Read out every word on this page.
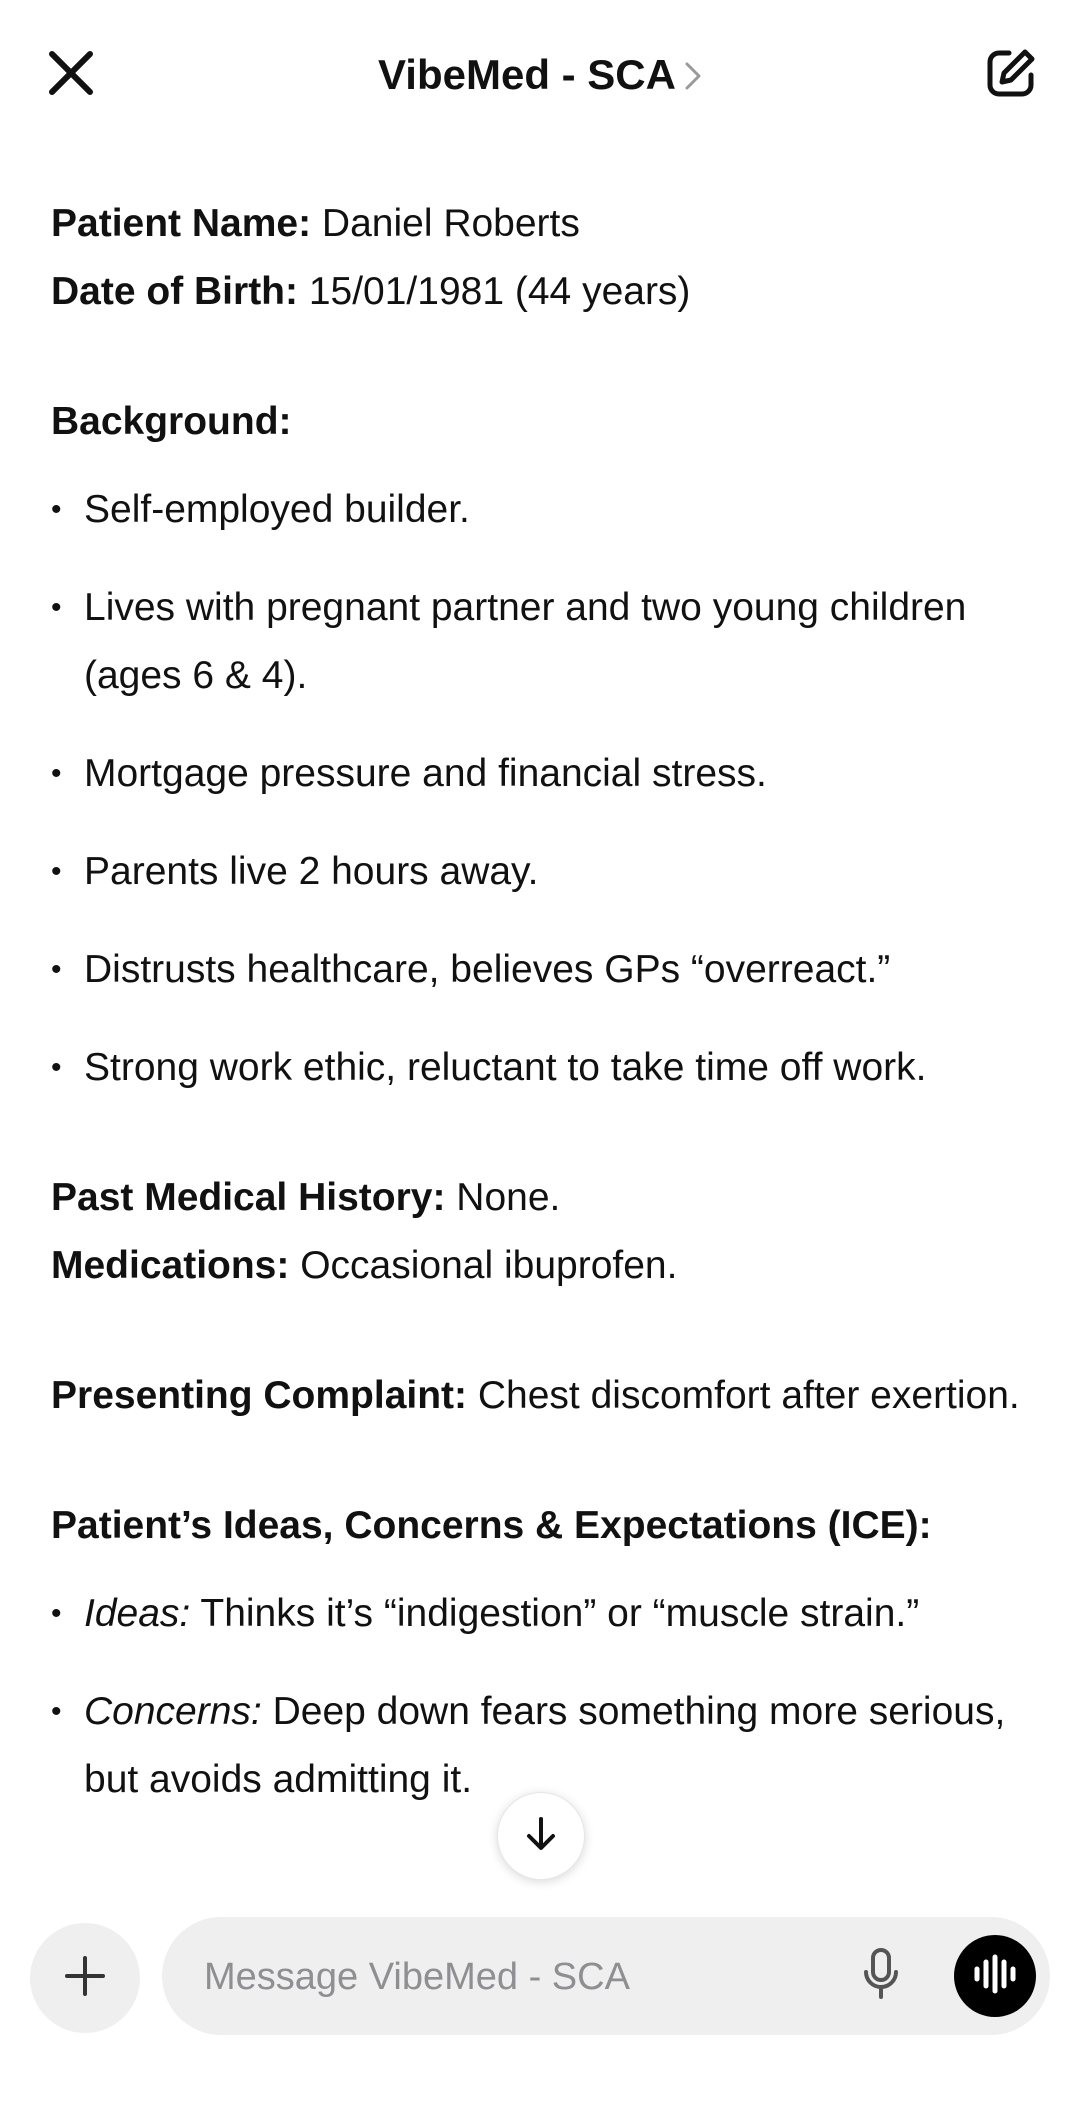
VibeMed - SCA

Patient Name: Daniel Roberts

Date of Birth: 15/01/1981 (44 years)

Background:

• Self-employed builder.
• Lives with pregnant partner and two young children (ages 6 & 4).
• Mortgage pressure and financial stress.
• Parents live 2 hours away.
• Distrusts healthcare, believes GPs “overreact.”
• Strong work ethic, reluctant to take time off work.

Past Medical History: None.

Medications: Occasional ibuprofen.

Presenting Complaint: Chest discomfort after exertion.

Patient’s Ideas, Concerns & Expectations (ICE):

• Ideas: Thinks it’s “indigestion” or “muscle strain.”
• Concerns: Deep down fears something more serious, but avoids admitting it.
Message VibeMed - SCA
